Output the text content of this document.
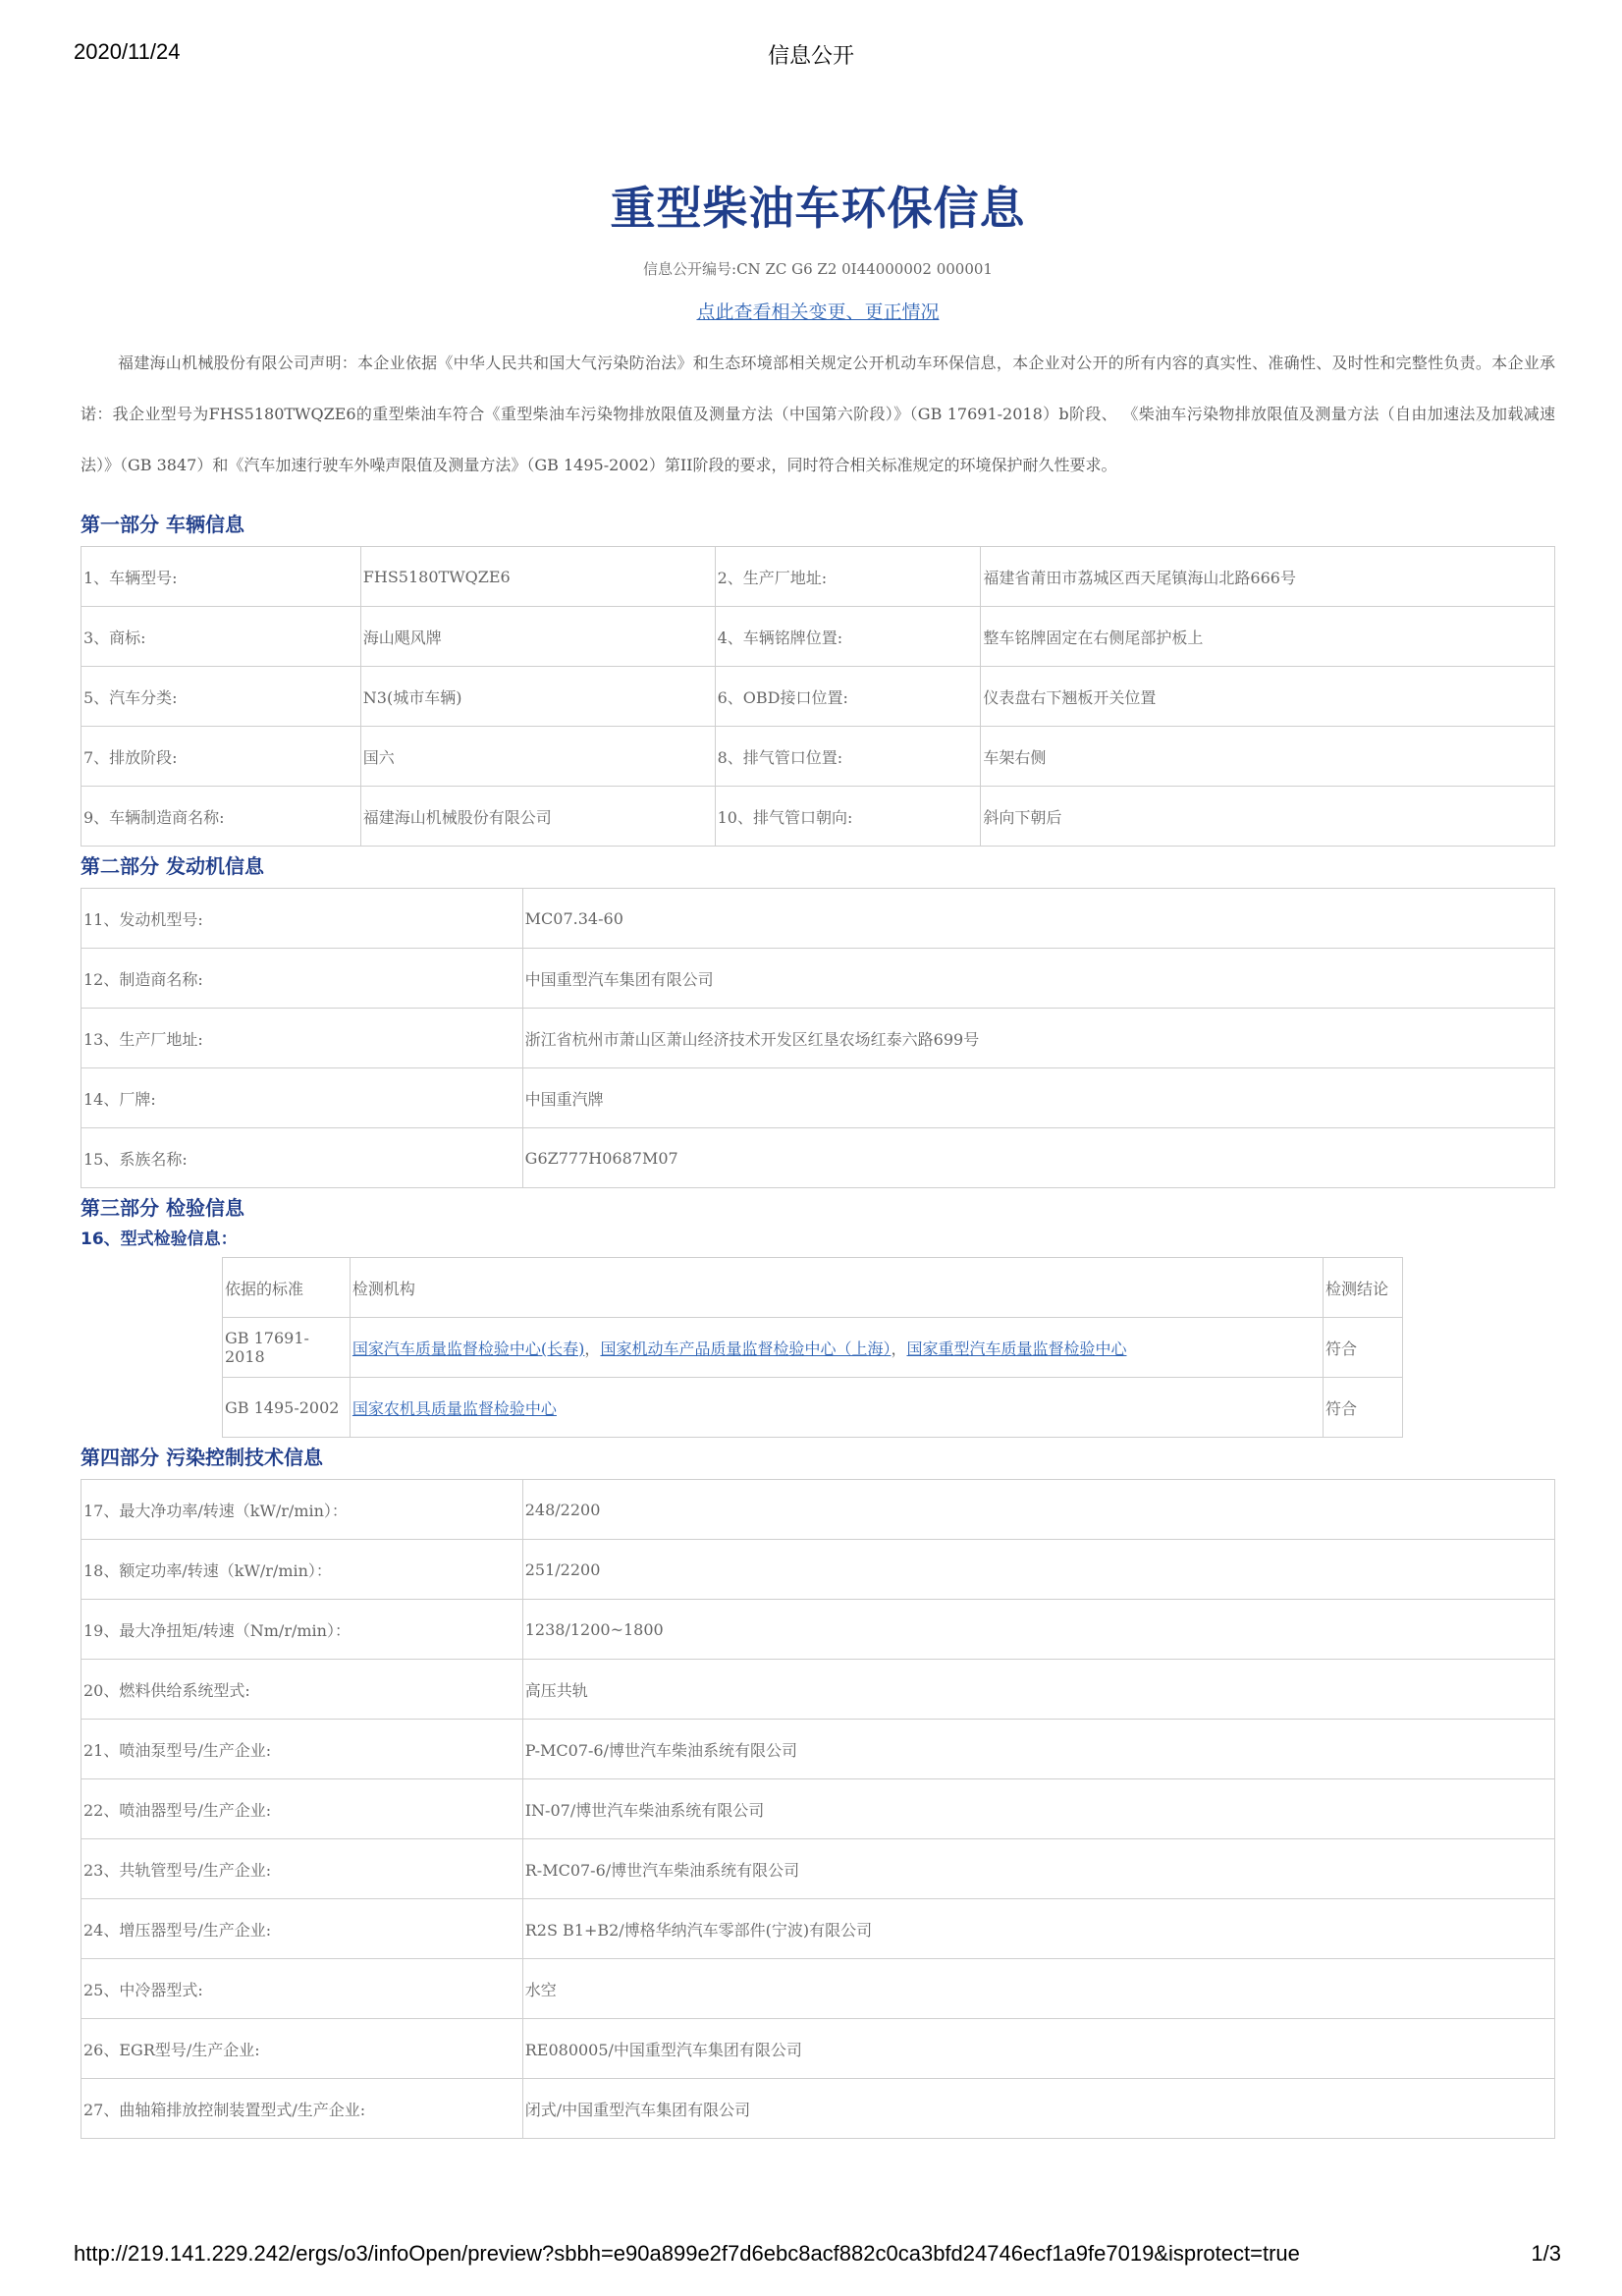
2020/11/24	信息公开
重型柴油车环保信息
信息公开编号:CN ZC G6 Z2 0I44000002 000001
点此查看相关变更、更正情况

福建海山机械股份有限公司声明：本企业依据《中华人民共和国大气污染防治法》和生态环境部相关规定公开机动车环保信息，本企业对公开的所有内容的真实性、准确性、及时性和完整性负责。本企业承诺：我企业型号为FHS5180TWQZE6的重型柴油车符合《重型柴油车污染物排放限值及测量方法（中国第六阶段）》（GB 17691-2018）b阶段、 《柴油车污染物排放限值及测量方法（自由加速法及加载减速法）》（GB 3847）和《汽车加速行驶车外噪声限值及测量方法》（GB 1495-2002）第II阶段的要求，同时符合相关标准规定的环境保护耐久性要求。

第一部分 车辆信息
1、车辆型号:	FHS5180TWQZE6	2、生产厂地址:	福建省莆田市荔城区西天尾镇海山北路666号
3、商标:	海山飓风牌	4、车辆铭牌位置:	整车铭牌固定在右侧尾部护板上
5、汽车分类:	N3(城市车辆)	6、OBD接口位置:	仪表盘右下翘板开关位置
7、排放阶段:	国六	8、排气管口位置:	车架右侧
9、车辆制造商名称:	福建海山机械股份有限公司	10、排气管口朝向:	斜向下朝后
第二部分 发动机信息
11、发动机型号:	MC07.34-60
12、制造商名称:	中国重型汽车集团有限公司
13、生产厂地址:	浙江省杭州市萧山区萧山经济技术开发区红垦农场红泰六路699号
14、厂牌:	中国重汽牌
15、系族名称:	G6Z777H0687M07
第三部分 检验信息
16、型式检验信息：
依据的标准	检测机构	检测结论
GB 17691-2018	国家汽车质量监督检验中心(长春)，国家机动车产品质量监督检验中心（上海），国家重型汽车质量监督检验中心	符合
GB 1495-2002	国家农机具质量监督检验中心	符合
第四部分 污染控制技术信息
17、最大净功率/转速（kW/r/min）：	248/2200
18、额定功率/转速（kW/r/min）：	251/2200
19、最大净扭矩/转速（Nm/r/min）：	1238/1200~1800
20、燃料供给系统型式:	高压共轨
21、喷油泵型号/生产企业:	P-MC07-6/博世汽车柴油系统有限公司
22、喷油器型号/生产企业:	IN-07/博世汽车柴油系统有限公司
23、共轨管型号/生产企业:	R-MC07-6/博世汽车柴油系统有限公司
24、增压器型号/生产企业:	R2S B1+B2/博格华纳汽车零部件(宁波)有限公司
25、中冷器型式:	水空
26、EGR型号/生产企业:	RE080005/中国重型汽车集团有限公司
27、曲轴箱排放控制装置型式/生产企业:	闭式/中国重型汽车集团有限公司
http://219.141.229.242/ergs/o3/infoOpen/preview?sbbh=e90a899e2f7d6ebc8acf882c0ca3bfd24746ecf1a9fe7019&isprotect=true	1/3
